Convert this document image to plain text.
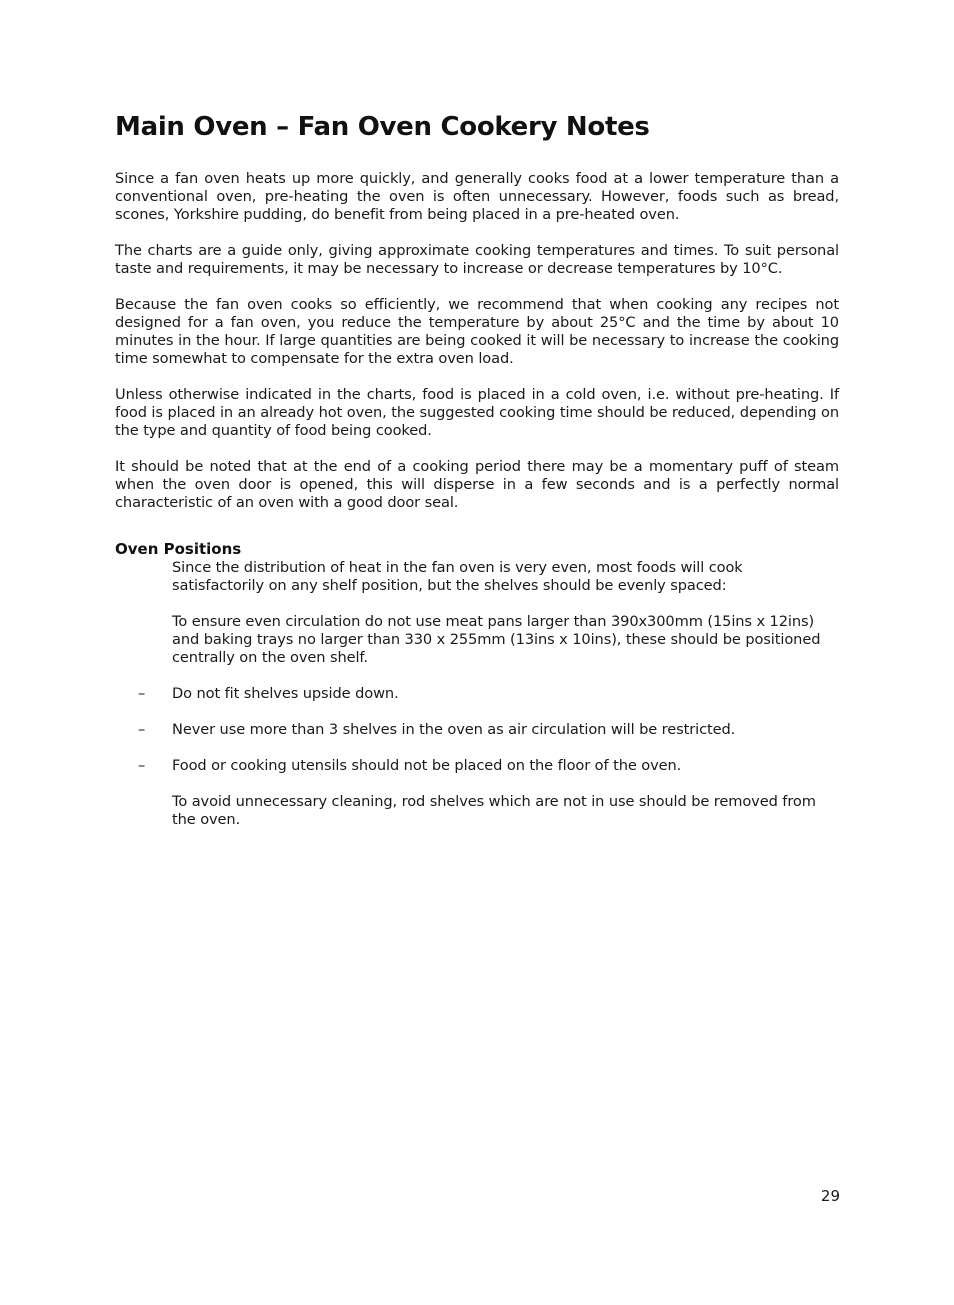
Main Oven – Fan Oven Cookery Notes

Since a fan oven heats up more quickly, and generally cooks food at a lower temperature than a conventional oven, pre-heating the oven is often unnecessary. However, foods such as bread, scones, Yorkshire pudding, do benefit from being placed in a pre-heated oven.

The charts are a guide only, giving approximate cooking temperatures and times. To suit personal taste and requirements, it may be necessary to increase or decrease temperatures by 10°C.

Because the fan oven cooks so efficiently, we recommend that when cooking any recipes not designed for a fan oven, you reduce the temperature by about 25°C and the time by about 10 minutes in the hour. If large quantities are being cooked it will be necessary to increase the cooking time somewhat to compensate for the extra oven load.

Unless otherwise indicated in the charts, food is placed in a cold oven, i.e. without pre-heating. If food is placed in an already hot oven, the suggested cooking time should be reduced, depending on the type and quantity of food being cooked.

It should be noted that at the end of a cooking period there may be a momentary puff of steam when the oven door is opened, this will disperse in a few seconds and is a perfectly normal characteristic of an oven with a good door seal.

Oven Positions
Since the distribution of heat in the fan oven is very even, most foods will cook satisfactorily on any shelf position, but the shelves should be evenly spaced:
To ensure even circulation do not use meat pans larger than 390x300mm (15ins x 12ins) and baking trays no larger than 330 x 255mm (13ins x 10ins), these should be positioned centrally on the oven shelf.
– Do not fit shelves upside down.
– Never use more than 3 shelves in the oven as air circulation will be restricted.
– Food or cooking utensils should not be placed on the floor of the oven.
To avoid unnecessary cleaning, rod shelves which are not in use should be removed from the oven.
29
